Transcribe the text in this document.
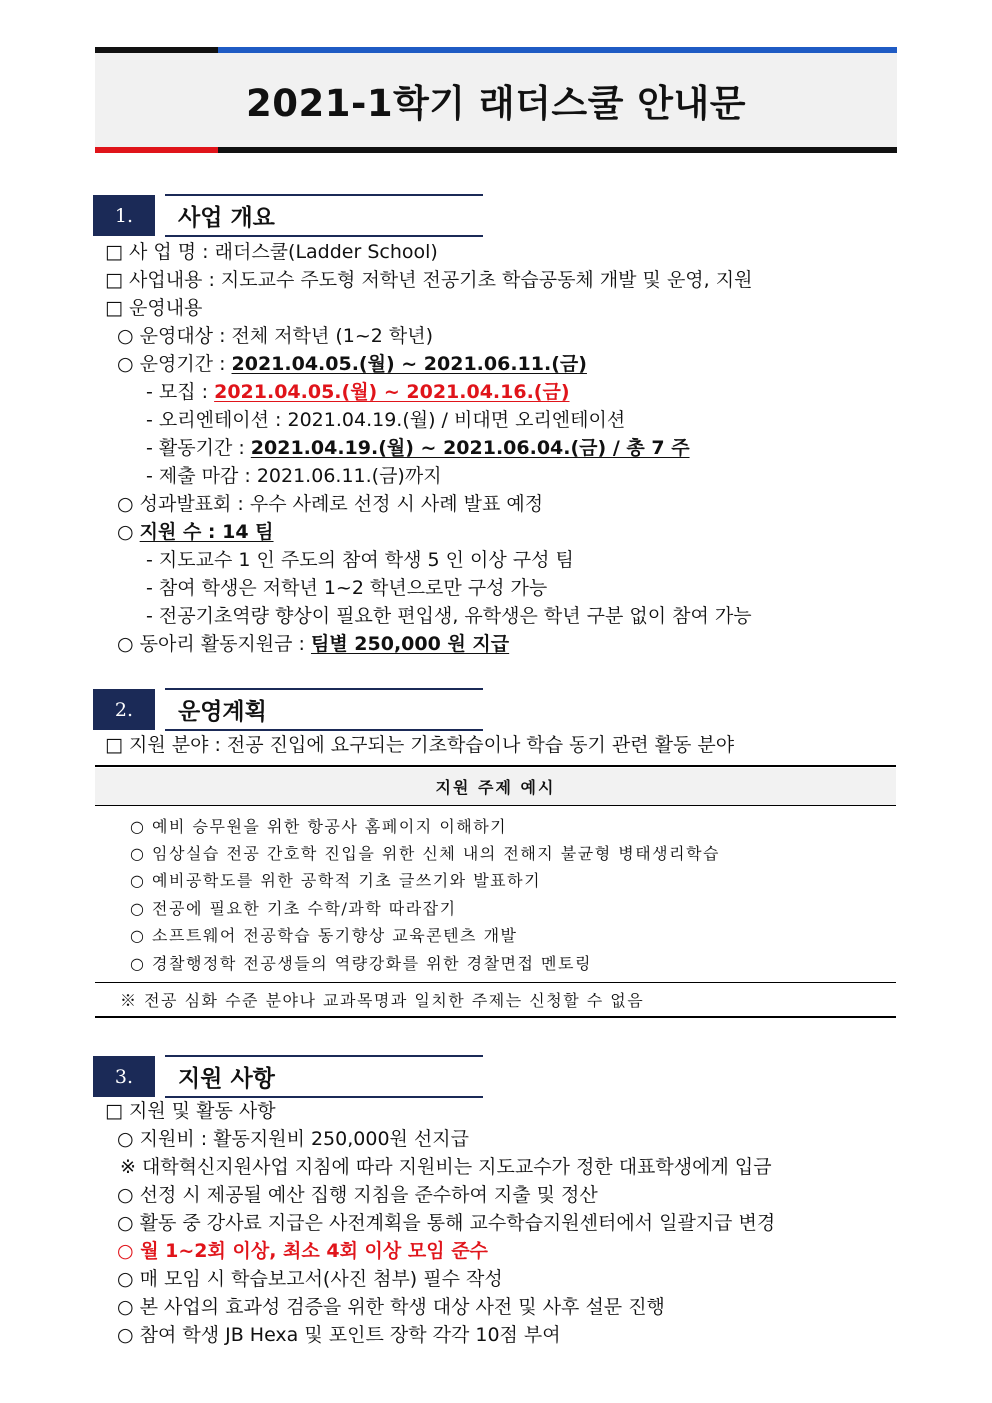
2021-1학기 래더스쿨 안내문
1. 사업 개요
□ 사 업 명 : 래더스쿨(Ladder School)
□ 사업내용 : 지도교수 주도형 저학년 전공기초 학습공동체 개발 및 운영, 지원
□ 운영내용
○ 운영대상 : 전체 저학년 (1~2 학년)
○ 운영기간 : 2021.04.05.(월) ~ 2021.06.11.(금)
- 모집 : 2021.04.05.(월) ~ 2021.04.16.(금)
- 오리엔테이션 : 2021.04.19.(월) / 비대면 오리엔테이션
- 활동기간 : 2021.04.19.(월) ~ 2021.06.04.(금) / 총 7 주
- 제출 마감 : 2021.06.11.(금)까지
○ 성과발표회 : 우수 사례로 선정 시 사례 발표 예정
○ 지원 수 : 14 팀
- 지도교수 1 인 주도의 참여 학생 5 인 이상 구성 팀
- 참여 학생은 저학년 1~2 학년으로만 구성 가능
- 전공기초역량 향상이 필요한 편입생, 유학생은 학년 구분 없이 참여 가능
○ 동아리 활동지원금 : 팀별 250,000 원 지급
2. 운영계획
□ 지원 분야 : 전공 진입에 요구되는 기초학습이나 학습 동기 관련 활동 분야
지원 주제 예시
○ 예비 승무원을 위한 항공사 홈페이지 이해하기
○ 임상실습 전공 간호학 진입을 위한 신체 내의 전해지 불균형 병태생리학습
○ 예비공학도를 위한 공학적 기초 글쓰기와 발표하기
○ 전공에 필요한 기초 수학/과학 따라잡기
○ 소프트웨어 전공학습 동기향상 교육콘텐츠 개발
○ 경찰행정학 전공생들의 역량강화를 위한 경찰면접 멘토링
※ 전공 심화 수준 분야나 교과목명과 일치한 주제는 신청할 수 없음
3. 지원 사항
□ 지원 및 활동 사항
○ 지원비 : 활동지원비 250,000원 선지급
※ 대학혁신지원사업 지침에 따라 지원비는 지도교수가 정한 대표학생에게 입금
○ 선정 시 제공될 예산 집행 지침을 준수하여 지출 및 정산
○ 활동 중 강사료 지급은 사전계획을 통해 교수학습지원센터에서 일괄지급 변경
○ 월 1~2회 이상, 최소 4회 이상 모임 준수
○ 매 모임 시 학습보고서(사진 첨부) 필수 작성
○ 본 사업의 효과성 검증을 위한 학생 대상 사전 및 사후 설문 진행
○ 참여 학생 JB Hexa 및 포인트 장학 각각 10점 부여
